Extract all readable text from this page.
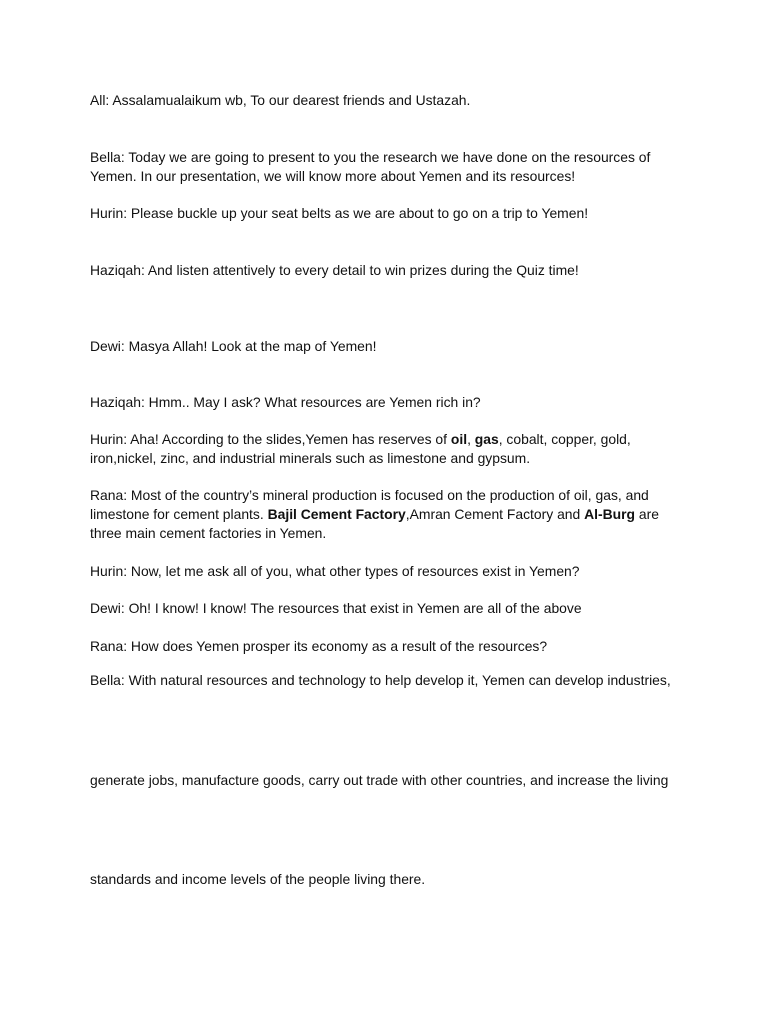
All: Assalamualaikum wb, To our dearest friends and Ustazah.
Bella: Today we are going to present to you the research we have done on the resources of
Yemen. In our presentation, we will know more about Yemen and its resources!
Hurin: Please buckle up your seat belts as we are about to go on a trip to Yemen!
Haziqah: And listen attentively to every detail to win prizes during the Quiz time!
Dewi: Masya Allah! Look at the map of Yemen!
Haziqah: Hmm.. May I ask? What resources are Yemen rich in?
Hurin: Aha! According to the slides,Yemen has reserves of oil, gas, cobalt, copper, gold,
iron,nickel, zinc, and industrial minerals such as limestone and gypsum.
Rana: Most of the country’s mineral production is focused on the production of oil, gas, and
limestone for cement plants. Bajil Cement Factory,Amran Cement Factory and Al-Burg are
three main cement factories in Yemen.
Hurin: Now, let me ask all of you, what other types of resources exist in Yemen?
Dewi: Oh! I know! I know! The resources that exist in Yemen are all of the above
Rana: How does Yemen prosper its economy as a result of the resources?
Bella: With natural resources and technology to help develop it, Yemen can develop industries,
generate jobs, manufacture goods, carry out trade with other countries, and increase the living
standards and income levels of the people living there.
